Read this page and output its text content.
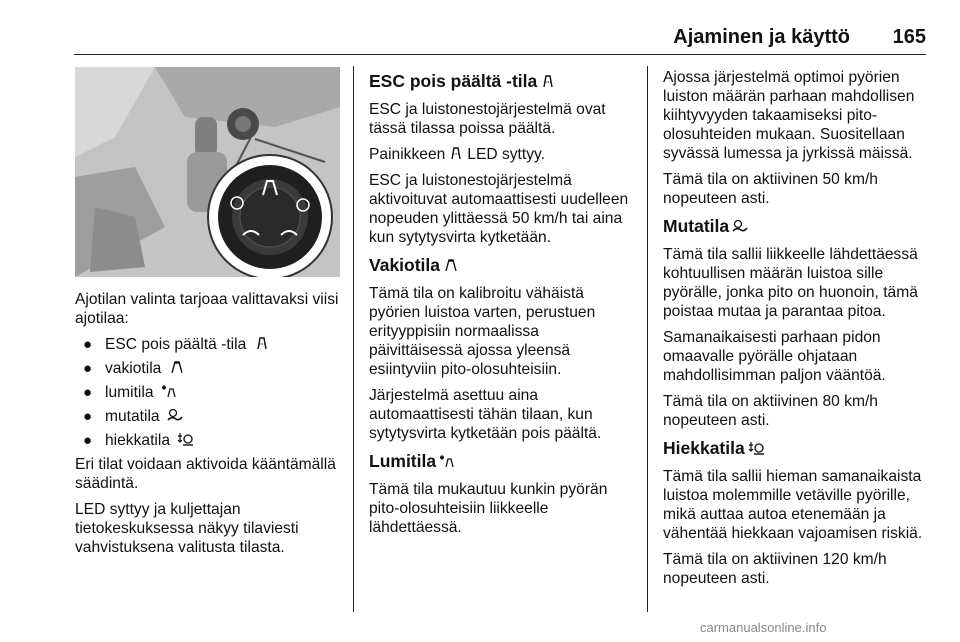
Ajaminen ja käyttö	165

Ajotilan valinta tarjoaa valittavaksi viisi ajotilaa:

● ESC pois päältä -tila
● vakiotila
● lumitila
● mutatila
● hiekkatila

Eri tilat voidaan aktivoida kääntämällä säädintä.

LED syttyy ja kuljettajan tietokeskuksessa näkyy tilaviesti vahvistuksena valitusta tilasta.

ESC pois päältä -tila

ESC ja luistonestojärjestelmä ovat tässä tilassa poissa päältä.

Painikkeen LED syttyy.

ESC ja luistonestojärjestelmä aktivoituvat automaattisesti uudelleen nopeuden ylittäessä 50 km/h tai aina kun sytytysvirta kytketään.

Vakiotila

Tämä tila on kalibroitu vähäistä pyörien luistoa varten, perustuen erityyppisiin normaalissa päivittäisessä ajossa yleensä esiintyviin pito-olosuhteisiin.

Järjestelmä asettuu aina automaattisesti tähän tilaan, kun sytytysvirta kytketään pois päältä.

Lumitila

Tämä tila mukautuu kunkin pyörän pito-olosuhteisiin liikkeelle lähdettäessä.

Ajossa järjestelmä optimoi pyörien luiston määrän parhaan mahdollisen kiihtyvyyden takaamiseksi pito-olosuhteiden mukaan. Suositellaan syvässä lumessa ja jyrkissä mäissä.

Tämä tila on aktiivinen 50 km/h nopeuteen asti.

Mutatila

Tämä tila sallii liikkeelle lähdettäessä kohtuullisen määrän luistoa sille pyörälle, jonka pito on huonoin, tämä poistaa mutaa ja parantaa pitoa.

Samanaikaisesti parhaan pidon omaavalle pyörälle ohjataan mahdollisimman paljon vääntöä.

Tämä tila on aktiivinen 80 km/h nopeuteen asti.

Hiekkatila

Tämä tila sallii hieman samanaikaista luistoa molemmille vetäville pyörille, mikä auttaa autoa etenemään ja vähentää hiekkaan vajoamisen riskiä.

Tämä tila on aktiivinen 120 km/h nopeuteen asti.

carmanualsonline.info
